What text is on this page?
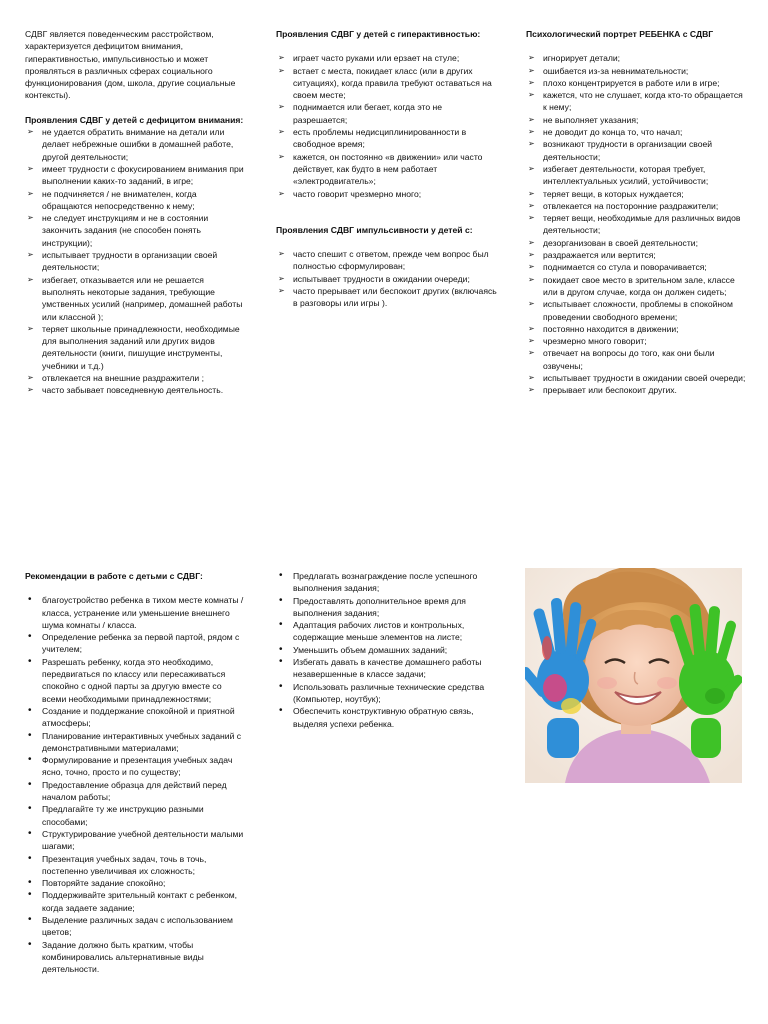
СДВГ является поведенческим расстройством, характеризуется дефицитом внимания, гиперактивностью, импульсивностью и может проявляться в различных сферах социального функционирования (дом, школа, другие социальные контексты).

Проявления СДВГ у детей с дефицитом внимания:

➢ не удается обратить внимание на детали или делает небрежные ошибки в домашней работе, другой деятельности;
➢ имеет трудности с фокусированием внимания при выполнении каких-то заданий, в игре;
➢ не подчиняется / не внимателен, когда обращаются непосредственно к нему;
➢ не следует инструкциям и не в состоянии закончить задания (не способен понять инструкции);
➢ испытывает трудности в организации своей деятельности;
➢ избегает, отказывается или не решается выполнять некоторые задания, требующие умственных усилий (например, домашней работы или классной );
➢ теряет школьные принадлежности, необходимые для выполнения заданий или других видов деятельности (книги, пишущие инструменты, учебники и т.д.)
➢ отвлекается на внешние раздражители ;
➢ часто забывает повседневную деятельность.

Проявления СДВГ у детей с гиперактивностью:

➢ играет часто руками или ерзает на стуле;
➢ встает с места, покидает класс (или в других ситуациях), когда правила требуют оставаться на своем месте;
➢ поднимается или бегает, когда это не разрешается;
➢ есть проблемы недисциплинированности в свободное время;
➢ кажется, он постоянно «в движении» или часто действует, как будто в нем работает «электродвигатель»;
➢ часто говорит чрезмерно много;

Проявления СДВГ импульсивности у детей с:

➢ часто спешит с ответом, прежде чем вопрос был полностью сформулирован;
➢ испытывает трудности в ожидании очереди;
➢ часто прерывает или беспокоит других (включаясь в разговоры или игры ).

Психологический портрет РЕБЕНКА с СДВГ

➢ игнорирует детали;
➢ ошибается из-за невнимательности;
➢ плохо концентрируется в работе или в игре;
➢ кажется, что не слушает, когда кто-то обращается к нему;
➢ не выполняет указания;
➢ не доводит до конца то, что начал;
➢ возникают трудности в организации своей деятельности;
➢ избегает деятельности, которая требует, интеллектуальных усилий, устойчивости;
➢ теряет вещи, в которых нуждается;
➢ отвлекается на посторонние раздражители;
➢ теряет вещи, необходимые для различных видов деятельности;
➢ дезорганизован в своей деятельности;
➢ раздражается или вертится;
➢ поднимается со стула и поворачивается;
➢ покидает свое место в зрительном зале, классе или в другом случае, когда он должен сидеть;
➢ испытывает сложности, проблемы в спокойном проведении свободного времени;
➢ постоянно находится в движении;
➢ чрезмерно много говорит;
➢ отвечает на вопросы до того, как они были озвучены;
➢ испытывает трудности в ожидании своей очереди;
➢ прерывает или беспокоит других.

Рекомендации в работе с детьми с СДВГ:

•	благоустройство ребенка в тихом месте комнаты / класса, устранение или уменьшение внешнего шума комнаты / класса.
•	Определение ребенка за первой партой, рядом с учителем;
•	Разрешать ребенку, когда это необходимо, передвигаться по классу или пересаживаться спокойно с одной парты за другую вместе со всеми необходимыми принадлежностями;
•	Создание и поддержание спокойной и приятной атмосферы;
•	Планирование интерактивных учебных заданий с демонстративными материалами;
•	Формулирование и презентация учебных задач ясно, точно, просто и по существу;
•	Предоставление образца для действий перед началом работы;
•	Предлагайте ту же инструкцию разными способами;
•	Структурирование учебной деятельности малыми шагами;
•	Презентация учебных задач, точь в точь, постепенно увеличивая их сложность;
•	Повторяйте задание спокойно;
•	Поддерживайте зрительный контакт с ребенком, когда задаете задание;
•	Выделение различных задач с использованием цветов;
•	Задание должно быть кратким, чтобы комбинировались альтернативные виды деятельности.
•	Предлагать вознаграждение после успешного выполнения задания;
•	Предоставлять дополнительное время для выполнения задания;
•	Адаптация рабочих листов и контрольных, содержащие меньше элементов на листе;
•	Уменьшить объем домашних заданий;
•	Избегать давать в качестве домашнего работы незавершенные в классе задачи;
•	Использовать различные технические средства (Компьютер, ноутбук);
•	Обеспечить конструктивную обратную связь, выделяя успехи ребенка.
